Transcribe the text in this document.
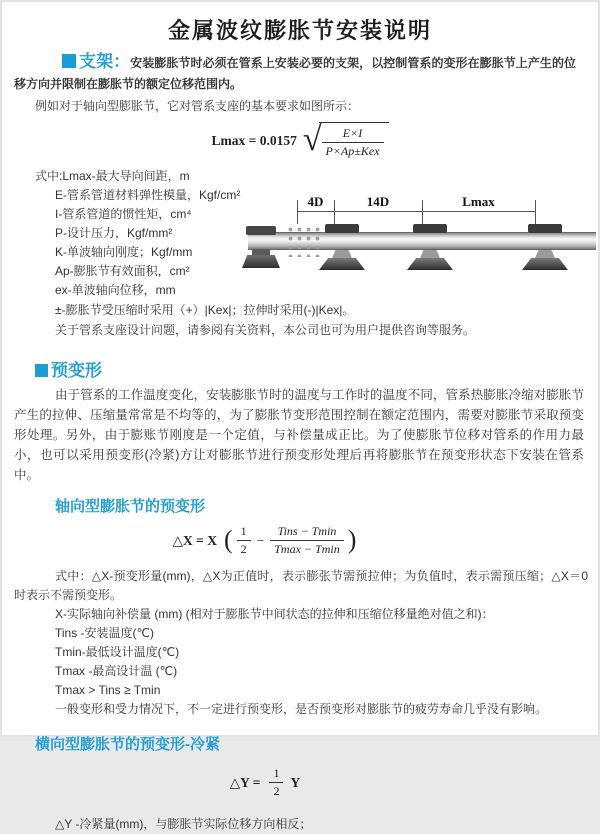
金属波纹膨胀节安装说明

支架：安装膨胀节时必须在管系上安装必要的支架，以控制管系的变形在膨胀节上产生的位移方向并限制在膨胀节的额定位移范围内。

例如对于轴向型膨胀节，它对管系支座的基本要求如图所示：

Lmax = 0.0157 √ $\frac{E\times I}{\text{P×Ap±Kex}}$
式中:Lmax-最大导向间距，m
E-管系管道材料弹性模量，Kgf/cm²
I-管系管道的惯性矩，cm⁴
P-设计压力，Kgf/mm²
K-单波轴向刚度；Kgf/mm
Ap-膨胀节有效面积，cm²
ex-单波轴向位移，mm
±-膨胀节受压缩时采用（+）|Kex|；拉伸时采用(-)|Kex|。
关于管系支座设计问题，请参阅有关资料，本公司也可为用户提供咨询等服务。
4D	14D	Lmax
预变形

由于管系的工作温度变化，安装膨胀节时的温度与工作时的温度不同，管系热膨胀冷缩对膨胀节产生的拉伸、压缩量常常是不均等的，为了膨胀节变形范围控制在额定范围内，需要对膨胀节采取预变形处理。另外，由于膨账节刚度是一个定值，与补偿量成正比。为了使膨胀节位移对管系的作用力最小，也可以采用预变形(冷紧)方让对膨胀节进行预变形处理后再将膨胀节在预变形状态下安装在管系中。

轴向型膨胀节的预变形
△X = X ( $\frac{1}{2} - \frac{\text{Tins − Tmin}}{Tmax - Tmin}$ )

式中：△X-预变形量(mm)，△X为正值时，表示膨张节需预拉伸；为负值时，表示需预压缩；△X＝0时表示不需预变形。

X-实际轴向补偿量 (mm) (相对于膨胀节中间状态的拉伸和压缩位移量绝对值之和)：
Tins -安装温度(℃)
Tmin-最低设计温度(℃)
Tmax -最高设计温 (℃)
Tmax > Tins ≥ Tmin
一般变形和受力情况下，不一定进行预变形，是否预变形对膨胀节的疲劳寿命几乎没有影响。
横向型膨胀节的预变形-冷紧
△Y = $\frac{1}{2}$ Y
△Y -冷紧量(mm)，与膨胀节实际位移方向相反；
